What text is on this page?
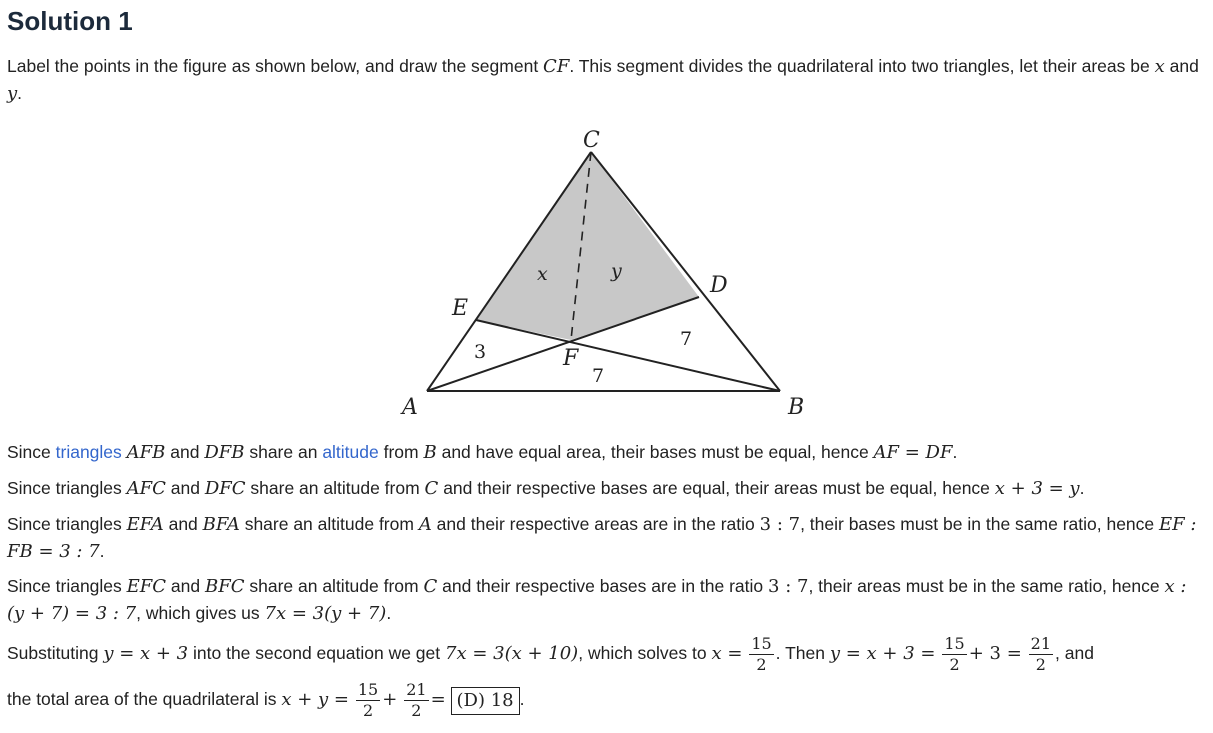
Solution 1
Label the points in the figure as shown below, and draw the segment CF. This segment divides the quadrilateral into two triangles, let their areas be x and y.
C
D
E
F
A	B
x	y
3
7
7
Since triangles AFB and DFB share an altitude from B and have equal area, their bases must be equal, hence AF = DF.
Since triangles AFC and DFC share an altitude from C and their respective bases are equal, their areas must be equal, hence x + 3 = y.
Since triangles EFA and BFA share an altitude from A and their respective areas are in the ratio 3 : 7, their bases must be in the same ratio, hence EF : FB = 3 : 7.
Since triangles EFC and BFC share an altitude from C and their respective bases are in the ratio 3 : 7, their areas must be in the same ratio, hence x : (y + 7) = 3 : 7, which gives us 7x = 3(y + 7).
Substituting y = x + 3 into the second equation we get 7x = 3(x + 10), which solves to $x = \frac{15}{2}$ . Then $y = x + 3 = \frac{15}{2} + 3 = \frac{21}{2}$ , and
the total area of the quadrilateral is $x + y = \frac{15}{2} + \frac{21}{2} = (D)$ 18 .
